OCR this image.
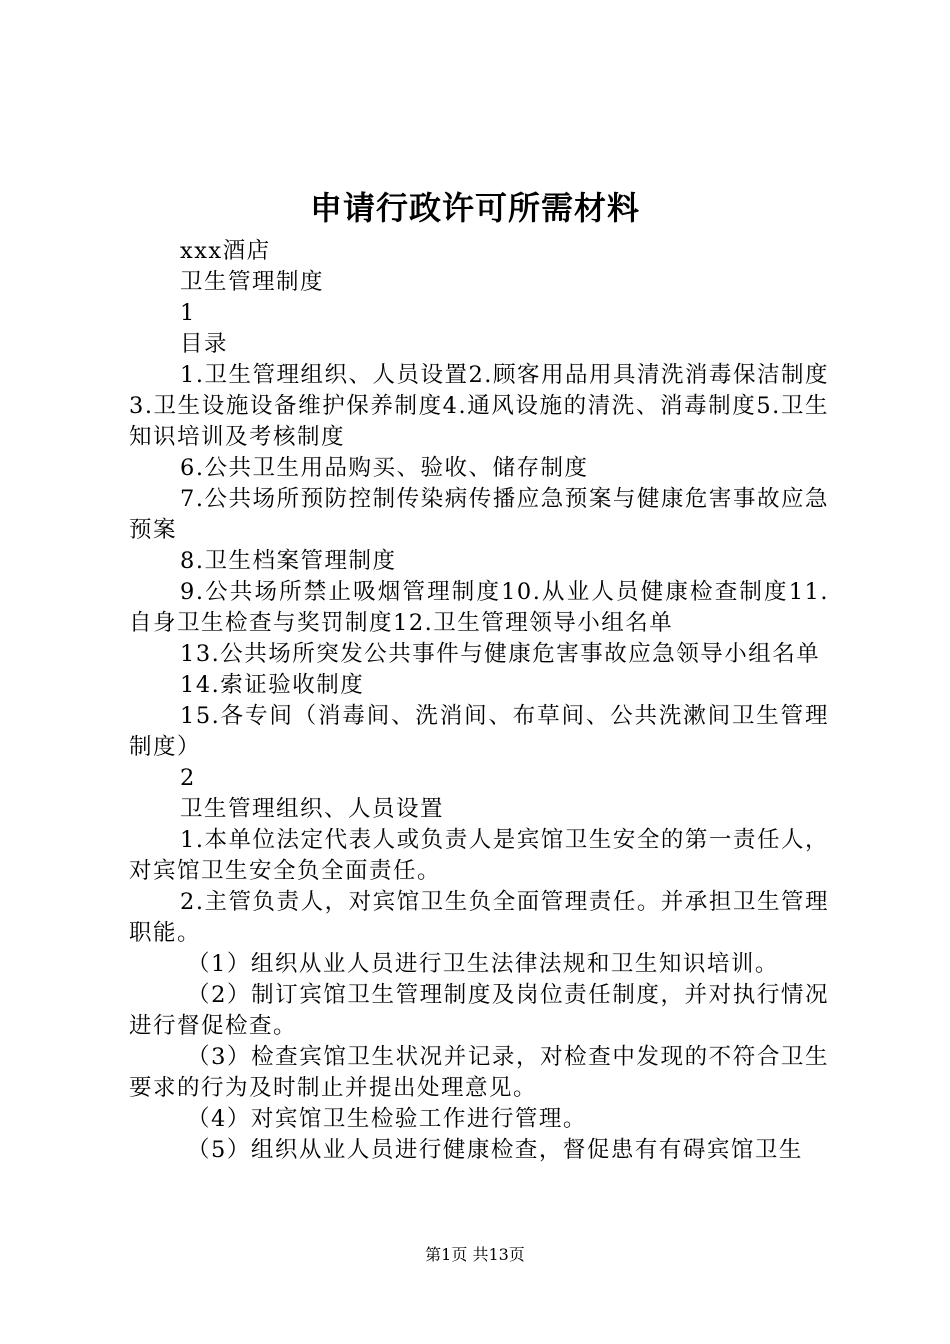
申请行政许可所需材料

xxx酒店

卫生管理制度

1

目录

1.卫生管理组织、人员设置2.顾客用品用具清洗消毒保洁制度3.卫生设施设备维护保养制度4.通风设施的清洗、消毒制度5.卫生知识培训及考核制度

6.公共卫生用品购买、验收、储存制度

7.公共场所预防控制传染病传播应急预案与健康危害事故应急预案

8.卫生档案管理制度

9.公共场所禁止吸烟管理制度10.从业人员健康检查制度11.自身卫生检查与奖罚制度12.卫生管理领导小组名单

13.公共场所突发公共事件与健康危害事故应急领导小组名单

14.索证验收制度

15.各专间（消毒间、洗消间、布草间、公共洗漱间卫生管理制度）

2

卫生管理组织、人员设置

1.本单位法定代表人或负责人是宾馆卫生安全的第一责任人，对宾馆卫生安全负全面责任。

2.主管负责人，对宾馆卫生负全面管理责任。并承担卫生管理职能。

（1）组织从业人员进行卫生法律法规和卫生知识培训。

（2）制订宾馆卫生管理制度及岗位责任制度，并对执行情况进行督促检查。

（3）检查宾馆卫生状况并记录，对检查中发现的不符合卫生要求的行为及时制止并提出处理意见。

（4）对宾馆卫生检验工作进行管理。

（5）组织从业人员进行健康检查，督促患有有碍宾馆卫生

第1页 共13页
